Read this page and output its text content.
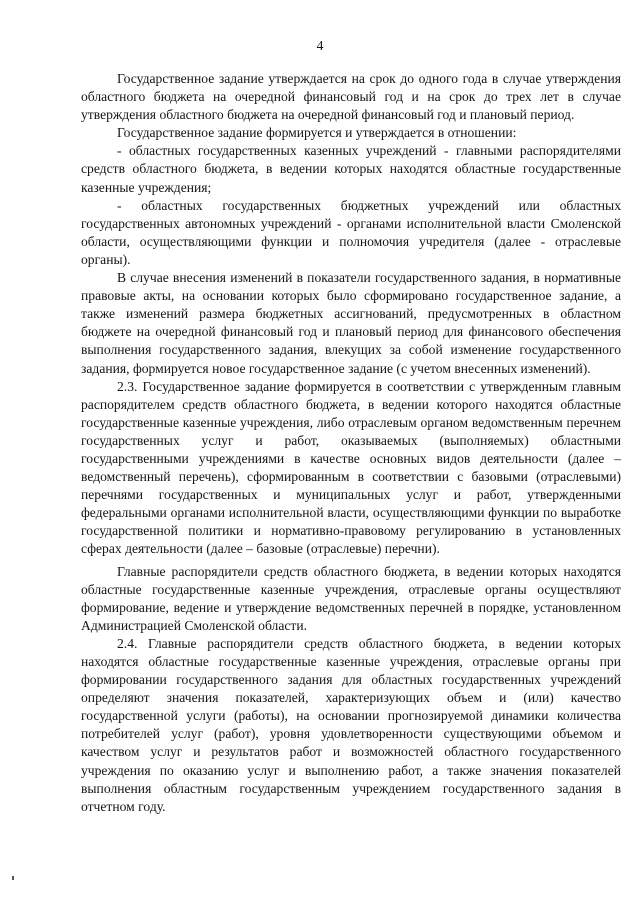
4

Государственное задание утверждается на срок до одного года в случае утверждения областного бюджета на очередной финансовый год и на срок до трех лет в случае утверждения областного бюджета на очередной финансовый год и плановый период.

Государственное задание формируется и утверждается в отношении:

- областных государственных казенных учреждений - главными распорядителями средств областного бюджета, в ведении которых находятся областные государственные казенные учреждения;

- областных государственных бюджетных учреждений или областных государственных автономных учреждений - органами исполнительной власти Смоленской области, осуществляющими функции и полномочия учредителя (далее - отраслевые органы).

В случае внесения изменений в показатели государственного задания, в нормативные правовые акты, на основании которых было сформировано государственное задание, а также изменений размера бюджетных ассигнований, предусмотренных в областном бюджете на очередной финансовый год и плановый период для финансового обеспечения выполнения государственного задания, влекущих за собой изменение государственного задания, формируется новое государственное задание (с учетом внесенных изменений).

2.3. Государственное задание формируется в соответствии с утвержденным главным распорядителем средств областного бюджета, в ведении которого находятся областные государственные казенные учреждения, либо отраслевым органом ведомственным перечнем государственных услуг и работ, оказываемых (выполняемых) областными государственными учреждениями в качестве основных видов деятельности (далее – ведомственный перечень), сформированным в соответствии с базовыми (отраслевыми) перечнями государственных и муниципальных услуг и работ, утвержденными федеральными органами исполнительной власти, осуществляющими функции по выработке государственной политики и нормативно-правовому регулированию в установленных сферах деятельности (далее – базовые (отраслевые) перечни).

Главные распорядители средств областного бюджета, в ведении которых находятся областные государственные казенные учреждения, отраслевые органы осуществляют формирование, ведение и утверждение ведомственных перечней в порядке, установленном Администрацией Смоленской области.

2.4. Главные распорядители средств областного бюджета, в ведении которых находятся областные государственные казенные учреждения, отраслевые органы при формировании государственного задания для областных государственных учреждений определяют значения показателей, характеризующих объем и (или) качество государственной услуги (работы), на основании прогнозируемой динамики количества потребителей услуг (работ), уровня удовлетворенности существующими объемом и качеством услуг и результатов работ и возможностей областного государственного учреждения по оказанию услуг и выполнению работ, а также значения показателей выполнения областным государственным учреждением государственного задания в отчетном году.
